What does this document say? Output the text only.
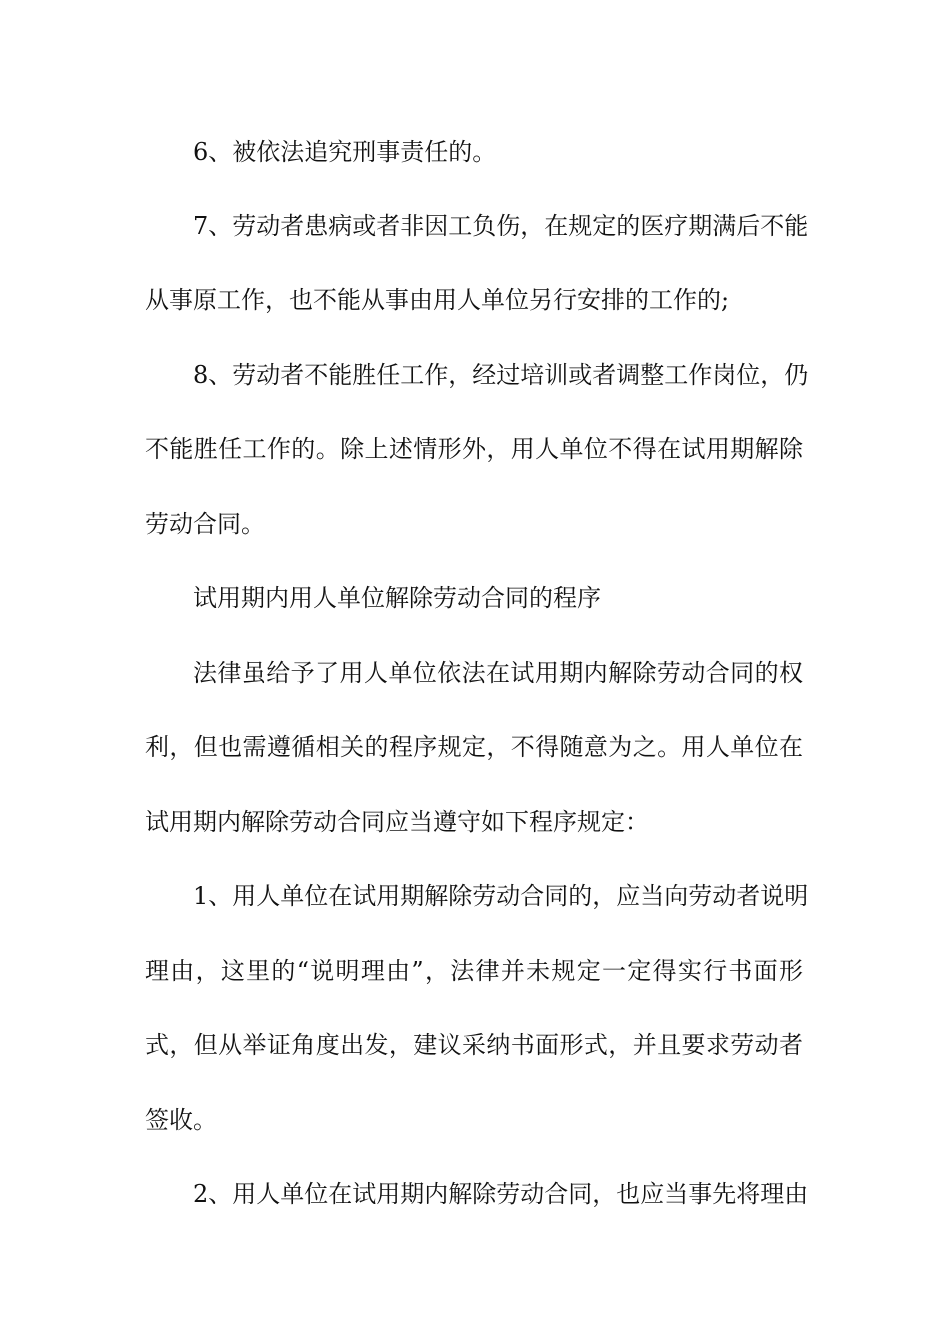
6、被依法追究刑事责任的。
7、劳动者患病或者非因工负伤，在规定的医疗期满后不能
从事原工作，也不能从事由用人单位另行安排的工作的;
8、劳动者不能胜任工作，经过培训或者调整工作岗位，仍
不能胜任工作的。除上述情形外，用人单位不得在试用期解除
劳动合同。
试用期内用人单位解除劳动合同的程序
法律虽给予了用人单位依法在试用期内解除劳动合同的权
利，但也需遵循相关的程序规定，不得随意为之。用人单位在
试用期内解除劳动合同应当遵守如下程序规定：
1、用人单位在试用期解除劳动合同的，应当向劳动者说明
理由，这里的“说明理由”，法律并未规定一定得实行书面形
式，但从举证角度出发，建议采纳书面形式，并且要求劳动者
签收。
2、用人单位在试用期内解除劳动合同，也应当事先将理由
